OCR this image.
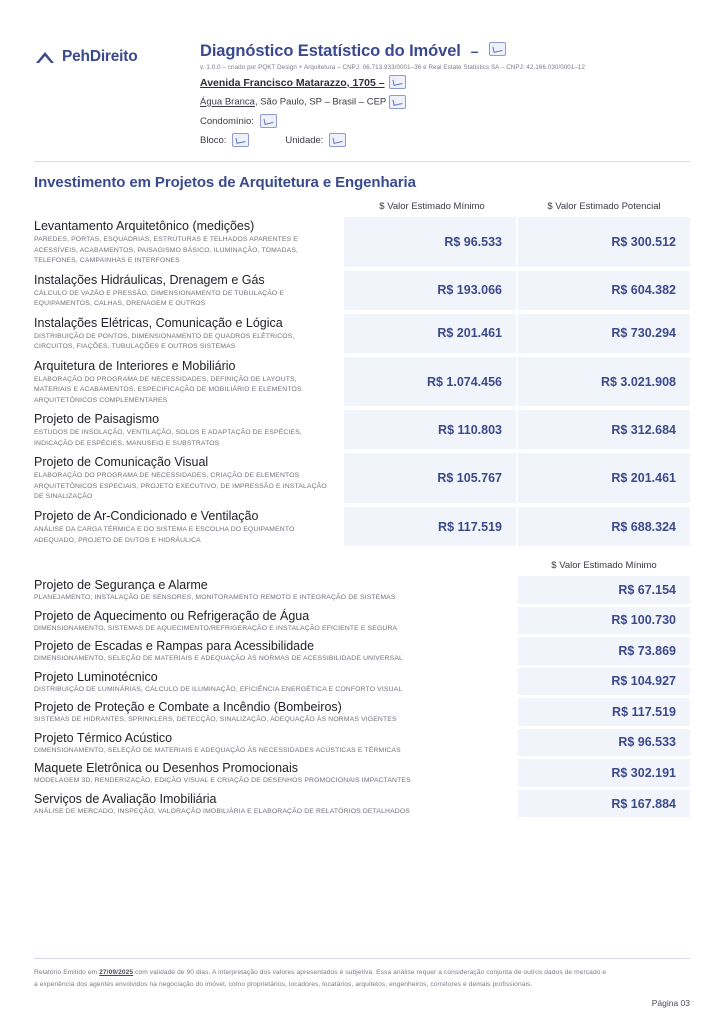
PehDireito	Diagnóstico Estatístico do Imóvel –
v. 1.0.0 – criado por PQKT Design + Arquitetura – CNPJ: 06.713.933/0001–36 e Real Estate Statistics SA – CNPJ: 42.166.030/0001–12
Avenida Francisco Matarazzo, 1705 –
Água Branca, São Paulo, SP – Brasil – CEP
Condomínio:
Bloco:	Unidade:
Investimento em Projetos de Arquitetura e Engenharia
$ Valor Estimado Mínimo	$ Valor Estimado Potencial
Levantamento Arquitetônico (medições)
PAREDES, PORTAS, ESQUADRIAS, ESTRUTURAS E TELHADOS APARENTES E ACESSÍVEIS, ACABAMENTOS, PAISAGISMO BÁSICO, ILUMINAÇÃO, TOMADAS, TELEFONES, CAMPAINHAS E INTERFONES
R$ 96.533	R$ 300.512
Instalações Hidráulicas, Drenagem e Gás
CÁLCULO DE VAZÃO E PRESSÃO, DIMENSIONAMENTO DE TUBULAÇÃO E EQUIPAMENTOS, CALHAS, DRENAGEM E OUTROS
R$ 193.066	R$ 604.382
Instalações Elétricas, Comunicação e Lógica
DISTRIBUIÇÃO DE PONTOS, DIMENSIONAMENTO DE QUADROS ELÉTRICOS, CIRCUITOS, FIAÇÕES, TUBULAÇÕES E OUTROS SISTEMAS
R$ 201.461	R$ 730.294
Arquitetura de Interiores e Mobiliário
ELABORAÇÃO DO PROGRAMA DE NECESSIDADES, DEFINIÇÃO DE LAYOUTS, MATERIAIS E ACABAMENTOS, ESPECIFICAÇÃO DE MOBILIÁRIO E ELEMENTOS ARQUITETÔNICOS COMPLEMENTARES
R$ 1.074.456	R$ 3.021.908
Projeto de Paisagismo
ESTUDOS DE INSOLAÇÃO, VENTILAÇÃO, SOLOS E ADAPTAÇÃO DE ESPÉCIES, INDICAÇÃO DE ESPÉCIES, MANUSEIO E SUBSTRATOS
R$ 110.803	R$ 312.684
Projeto de Comunicação Visual
ELABORAÇÃO DO PROGRAMA DE NECESSIDADES, CRIAÇÃO DE ELEMENTOS ARQUITETÔNICOS ESPECIAIS, PROJETO EXECUTIVO, DE IMPRESSÃO E INSTALAÇÃO DE SINALIZAÇÃO
R$ 105.767	R$ 201.461
Projeto de Ar-Condicionado e Ventilação
ANÁLISE DA CARGA TÉRMICA E DO SISTEMA E ESCOLHA DO EQUIPAMENTO ADEQUADO, PROJETO DE DUTOS E HIDRÁULICA
R$ 117.519	R$ 688.324
$ Valor Estimado Mínimo
Projeto de Segurança e Alarme
PLANEJAMENTO, INSTALAÇÃO DE SENSORES, MONITORAMENTO REMOTO E INTEGRAÇÃO DE SISTEMAS
R$ 67.154
Projeto de Aquecimento ou Refrigeração de Água
DIMENSIONAMENTO, SISTEMAS DE AQUECIMENTO/REFRIGERAÇÃO E INSTALAÇÃO EFICIENTE E SEGURA
R$ 100.730
Projeto de Escadas e Rampas para Acessibilidade
DIMENSIONAMENTO, SELEÇÃO DE MATERIAIS E ADEQUAÇÃO ÀS NORMAS DE ACESSIBILIDADE UNIVERSAL
R$ 73.869
Projeto Luminotécnico
DISTRIBUIÇÃO DE LUMINÁRIAS, CÁLCULO DE ILUMINAÇÃO, EFICIÊNCIA ENERGÉTICA E CONFORTO VISUAL
R$ 104.927
Projeto de Proteção e Combate a Incêndio (Bombeiros)
SISTEMAS DE HIDRANTES, SPRINKLERS, DETECÇÃO, SINALIZAÇÃO, ADEQUAÇÃO ÀS NORMAS VIGENTES
R$ 117.519
Projeto Térmico Acústico
DIMENSIONAMENTO, SELEÇÃO DE MATERIAIS E ADEQUAÇÃO ÀS NECESSIDADES ACÚSTICAS E TÉRMICAS
R$ 96.533
Maquete Eletrônica ou Desenhos Promocionais
MODELAGEM 3D, RENDERIZAÇÃO, EDIÇÃO VISUAL E CRIAÇÃO DE DESENHOS PROMOCIONAIS IMPACTANTES
R$ 302.191
Serviços de Avaliação Imobiliária
ANÁLISE DE MERCADO, INSPEÇÃO, VALORAÇÃO IMOBILIÁRIA E ELABORAÇÃO DE RELATÓRIOS DETALHADOS
R$ 167.884
Relatório Emitido em 27/09/2025 com validade de 90 dias. A interpretação dos valores apresentados é subjetiva. Essa análise requer a consideração conjunta de outros dados de mercado e
a experiência dos agentes envolvidos na negociação do imóvel, como proprietários, locadores, locatários, arquitetos, engenheiros, corretores e demais profissionais.
Página 03
